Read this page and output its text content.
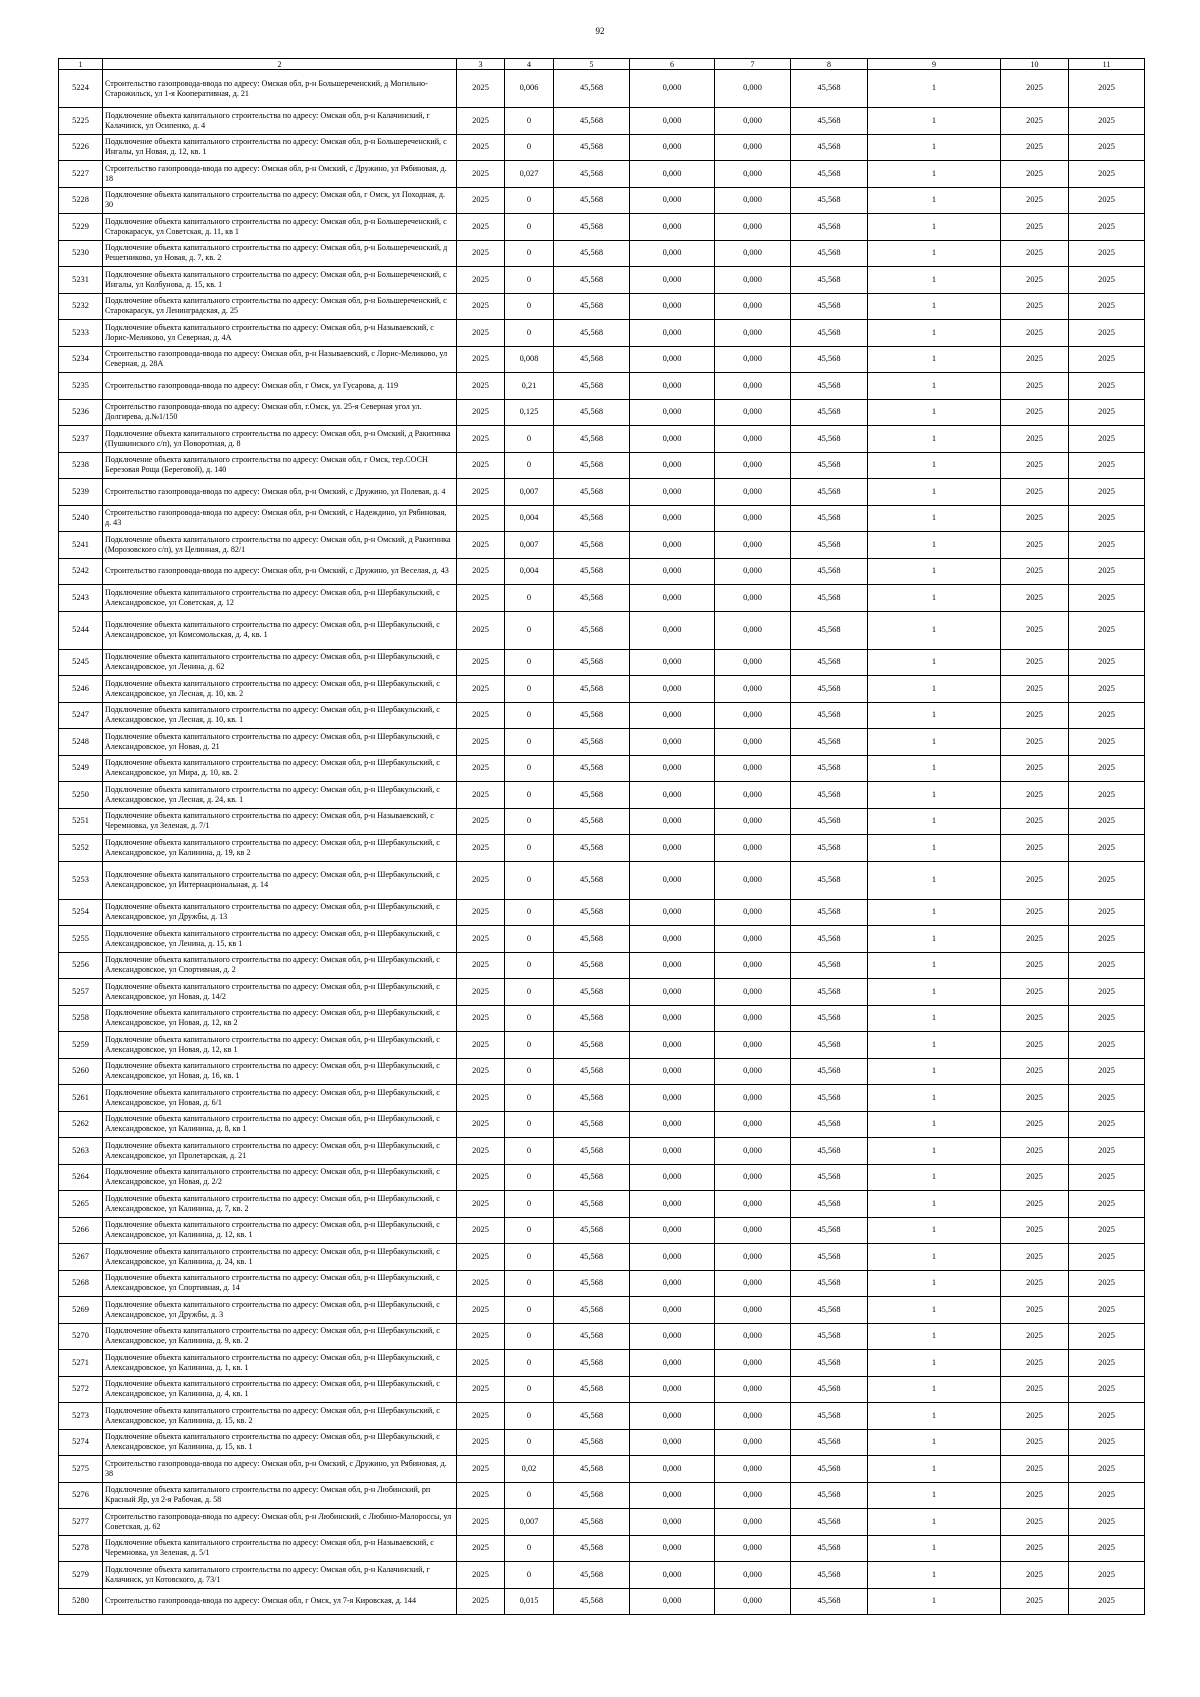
92
1	2	3	4	5	6	7	8	9	10	11
5224	Строительство газопровода-ввода по адресу: Омская обл, р-н Большереченский, д Могильно-Старожильск, ул 1-я Кооперативная, д. 21	2025	0,006	45,568	0,000	0,000	45,568	1	2025	2025
5225	Подключение объекта капитального строительства по адресу: Омская обл, р-н Калачинский, г Калачинск, ул Осипенко, д. 4	2025	0	45,568	0,000	0,000	45,568	1	2025	2025
5226	Подключение объекта капитального строительства по адресу: Омская обл, р-н Большереченский, с Ингалы, ул Новая, д. 12, кв. 1	2025	0	45,568	0,000	0,000	45,568	1	2025	2025
5227	Строительство газопровода-ввода по адресу: Омская обл, р-н Омский, с Дружино, ул Рябиновая, д. 18	2025	0,027	45,568	0,000	0,000	45,568	1	2025	2025
5228	Подключение объекта капитального строительства по адресу: Омская обл, г Омск, ул Походная, д. 30	2025	0	45,568	0,000	0,000	45,568	1	2025	2025
5229	Подключение объекта капитального строительства по адресу: Омская обл, р-н Большереченский, с Старокарасук, ул Советская, д. 11, кв 1	2025	0	45,568	0,000	0,000	45,568	1	2025	2025
5230	Подключение объекта капитального строительства по адресу: Омская обл, р-н Большереченский, д Решетниково, ул Новая, д. 7, кв. 2	2025	0	45,568	0,000	0,000	45,568	1	2025	2025
5231	Подключение объекта капитального строительства по адресу: Омская обл, р-н Большереченский, с Ингалы, ул Колбунова, д. 15, кв. 1	2025	0	45,568	0,000	0,000	45,568	1	2025	2025
5232	Подключение объекта капитального строительства по адресу: Омская обл, р-н Большереченский, с Старокарасук, ул Ленинградская, д. 25	2025	0	45,568	0,000	0,000	45,568	1	2025	2025
5233	Подключение объекта капитального строительства по адресу: Омская обл, р-н Называевский, с Лорис-Меликово, ул Северная, д. 4А	2025	0	45,568	0,000	0,000	45,568	1	2025	2025
5234	Строительство газопровода-ввода по адресу: Омская обл, р-н Называевский, с Лорис-Меликово, ул Северная, д. 28А	2025	0,008	45,568	0,000	0,000	45,568	1	2025	2025
5235	Строительство газопровода-ввода по адресу: Омская обл, г Омск, ул Гусарова, д. 119	2025	0,21	45,568	0,000	0,000	45,568	1	2025	2025
5236	Строительство газопровода-ввода по адресу: Омская обл, г.Омск, ул. 25-я Северная угол ул. Долгирева, д.№1/150	2025	0,125	45,568	0,000	0,000	45,568	1	2025	2025
5237	Подключение объекта капитального строительства по адресу: Омская обл, р-н Омский, д Ракитинка (Пушкинского с/п), ул Поворотная, д. 8	2025	0	45,568	0,000	0,000	45,568	1	2025	2025
5238	Подключение объекта капитального строительства по адресу: Омская обл, г Омск, тер.СОСН Березовая Роща (Береговой), д. 140	2025	0	45,568	0,000	0,000	45,568	1	2025	2025
5239	Строительство газопровода-ввода по адресу: Омская обл, р-н Омский, с Дружино, ул Полевая, д. 4	2025	0,007	45,568	0,000	0,000	45,568	1	2025	2025
5240	Строительство газопровода-ввода по адресу: Омская обл, р-н Омский, с Надеждино, ул Рябиновая, д. 43	2025	0,004	45,568	0,000	0,000	45,568	1	2025	2025
5241	Подключение объекта капитального строительства по адресу: Омская обл, р-н Омский, д Ракитинка (Морозовского с/п), ул Целинная, д. 82/1	2025	0,007	45,568	0,000	0,000	45,568	1	2025	2025
5242	Строительство газопровода-ввода по адресу: Омская обл, р-н Омский, с Дружино, ул Веселая, д. 43	2025	0,004	45,568	0,000	0,000	45,568	1	2025	2025
5243	Подключение объекта капитального строительства по адресу: Омская обл, р-н Шербакульский, с Александровское, ул Советская, д. 12	2025	0	45,568	0,000	0,000	45,568	1	2025	2025
5244	Подключение объекта капитального строительства по адресу: Омская обл, р-н Шербакульский, с Александровское, ул Комсомольская, д. 4, кв. 1	2025	0	45,568	0,000	0,000	45,568	1	2025	2025
5245	Подключение объекта капитального строительства по адресу: Омская обл, р-н Шербакульский, с Александровское, ул Ленина, д. 62	2025	0	45,568	0,000	0,000	45,568	1	2025	2025
5246	Подключение объекта капитального строительства по адресу: Омская обл, р-н Шербакульский, с Александровское, ул Лесная, д. 10, кв. 2	2025	0	45,568	0,000	0,000	45,568	1	2025	2025
5247	Подключение объекта капитального строительства по адресу: Омская обл, р-н Шербакульский, с Александровское, ул Лесная, д. 10, кв. 1	2025	0	45,568	0,000	0,000	45,568	1	2025	2025
5248	Подключение объекта капитального строительства по адресу: Омская обл, р-н Шербакульский, с Александровское, ул Новая, д. 21	2025	0	45,568	0,000	0,000	45,568	1	2025	2025
5249	Подключение объекта капитального строительства по адресу: Омская обл, р-н Шербакульский, с Александровское, ул Мира, д. 10, кв. 2	2025	0	45,568	0,000	0,000	45,568	1	2025	2025
5250	Подключение объекта капитального строительства по адресу: Омская обл, р-н Шербакульский, с Александровское, ул Лесная, д. 24, кв. 1	2025	0	45,568	0,000	0,000	45,568	1	2025	2025
5251	Подключение объекта капитального строительства по адресу: Омская обл, р-н Называевский, с Черемновка, ул Зеленая, д. 7/1	2025	0	45,568	0,000	0,000	45,568	1	2025	2025
5252	Подключение объекта капитального строительства по адресу: Омская обл, р-н Шербакульский, с Александровское, ул Калинина, д. 19, кв 2	2025	0	45,568	0,000	0,000	45,568	1	2025	2025
5253	Подключение объекта капитального строительства по адресу: Омская обл, р-н Шербакульский, с Александровское, ул Интернациональная, д. 14	2025	0	45,568	0,000	0,000	45,568	1	2025	2025
5254	Подключение объекта капитального строительства по адресу: Омская обл, р-н Шербакульский, с Александровское, ул Дружбы, д. 13	2025	0	45,568	0,000	0,000	45,568	1	2025	2025
5255	Подключение объекта капитального строительства по адресу: Омская обл, р-н Шербакульский, с Александровское, ул Ленина, д. 15, кв 1	2025	0	45,568	0,000	0,000	45,568	1	2025	2025
5256	Подключение объекта капитального строительства по адресу: Омская обл, р-н Шербакульский, с Александровское, ул Спортивная, д. 2	2025	0	45,568	0,000	0,000	45,568	1	2025	2025
5257	Подключение объекта капитального строительства по адресу: Омская обл, р-н Шербакульский, с Александровское, ул Новая, д. 14/2	2025	0	45,568	0,000	0,000	45,568	1	2025	2025
5258	Подключение объекта капитального строительства по адресу: Омская обл, р-н Шербакульский, с Александровское, ул Новая, д. 12, кв 2	2025	0	45,568	0,000	0,000	45,568	1	2025	2025
5259	Подключение объекта капитального строительства по адресу: Омская обл, р-н Шербакульский, с Александровское, ул Новая, д. 12, кв 1	2025	0	45,568	0,000	0,000	45,568	1	2025	2025
5260	Подключение объекта капитального строительства по адресу: Омская обл, р-н Шербакульский, с Александровское, ул Новая, д. 16, кв. 1	2025	0	45,568	0,000	0,000	45,568	1	2025	2025
5261	Подключение объекта капитального строительства по адресу: Омская обл, р-н Шербакульский, с Александровское, ул Новая, д. 6/1	2025	0	45,568	0,000	0,000	45,568	1	2025	2025
5262	Подключение объекта капитального строительства по адресу: Омская обл, р-н Шербакульский, с Александровское, ул Калинина, д. 8, кв 1	2025	0	45,568	0,000	0,000	45,568	1	2025	2025
5263	Подключение объекта капитального строительства по адресу: Омская обл, р-н Шербакульский, с Александровское, ул Пролетарская, д. 21	2025	0	45,568	0,000	0,000	45,568	1	2025	2025
5264	Подключение объекта капитального строительства по адресу: Омская обл, р-н Шербакульский, с Александровское, ул Новая, д. 2/2	2025	0	45,568	0,000	0,000	45,568	1	2025	2025
5265	Подключение объекта капитального строительства по адресу: Омская обл, р-н Шербакульский, с Александровское, ул Калинина, д. 7, кв. 2	2025	0	45,568	0,000	0,000	45,568	1	2025	2025
5266	Подключение объекта капитального строительства по адресу: Омская обл, р-н Шербакульский, с Александровское, ул Калинина, д. 12, кв. 1	2025	0	45,568	0,000	0,000	45,568	1	2025	2025
5267	Подключение объекта капитального строительства по адресу: Омская обл, р-н Шербакульский, с Александровское, ул Калинина, д. 24, кв. 1	2025	0	45,568	0,000	0,000	45,568	1	2025	2025
5268	Подключение объекта капитального строительства по адресу: Омская обл, р-н Шербакульский, с Александровское, ул Спортивная, д. 14	2025	0	45,568	0,000	0,000	45,568	1	2025	2025
5269	Подключение объекта капитального строительства по адресу: Омская обл, р-н Шербакульский, с Александровское, ул Дружбы, д. 3	2025	0	45,568	0,000	0,000	45,568	1	2025	2025
5270	Подключение объекта капитального строительства по адресу: Омская обл, р-н Шербакульский, с Александровское, ул Калинина, д. 9, кв. 2	2025	0	45,568	0,000	0,000	45,568	1	2025	2025
5271	Подключение объекта капитального строительства по адресу: Омская обл, р-н Шербакульский, с Александровское, ул Калинина, д. 1, кв. 1	2025	0	45,568	0,000	0,000	45,568	1	2025	2025
5272	Подключение объекта капитального строительства по адресу: Омская обл, р-н Шербакульский, с Александровское, ул Калинина, д. 4, кв. 1	2025	0	45,568	0,000	0,000	45,568	1	2025	2025
5273	Подключение объекта капитального строительства по адресу: Омская обл, р-н Шербакульский, с Александровское, ул Калинина, д. 15, кв. 2	2025	0	45,568	0,000	0,000	45,568	1	2025	2025
5274	Подключение объекта капитального строительства по адресу: Омская обл, р-н Шербакульский, с Александровское, ул Калинина, д. 15, кв. 1	2025	0	45,568	0,000	0,000	45,568	1	2025	2025
5275	Строительство газопровода-ввода по адресу: Омская обл, р-н Омский, с Дружино, ул Рябиновая, д. 38	2025	0,02	45,568	0,000	0,000	45,568	1	2025	2025
5276	Подключение объекта капитального строительства по адресу: Омская обл, р-н Любинский, рп Красный Яр, ул 2-я Рабочая, д. 58	2025	0	45,568	0,000	0,000	45,568	1	2025	2025
5277	Строительство газопровода-ввода по адресу: Омская обл, р-н Любинский, с Любино-Малороссы, ул Советская, д. 62	2025	0,007	45,568	0,000	0,000	45,568	1	2025	2025
5278	Подключение объекта капитального строительства по адресу: Омская обл, р-н Называевский, с Черемновка, ул Зеленая, д. 5/1	2025	0	45,568	0,000	0,000	45,568	1	2025	2025
5279	Подключение объекта капитального строительства по адресу: Омская обл, р-н Калачинский, г Калачинск, ул Котовского, д. 73/1	2025	0	45,568	0,000	0,000	45,568	1	2025	2025
5280	Строительство газопровода-ввода по адресу: Омская обл, г Омск, ул 7-я Кировская, д. 144	2025	0,015	45,568	0,000	0,000	45,568	1	2025	2025
